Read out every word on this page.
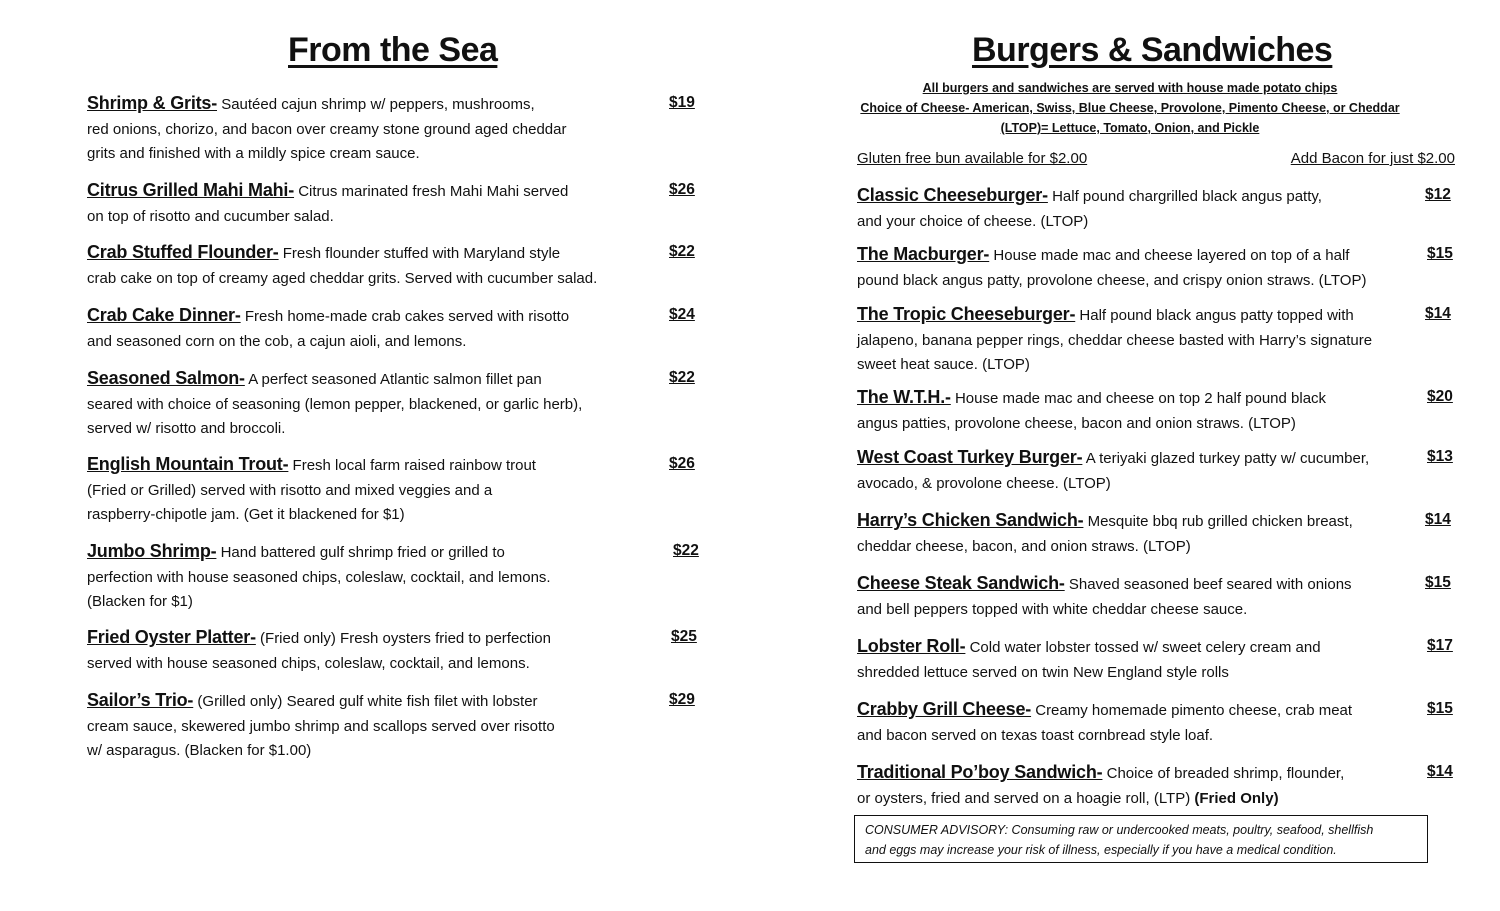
From the Sea
Shrimp & Grits- Sautéed cajun shrimp w/ peppers, mushrooms,
red onions, chorizo, and bacon over creamy stone ground aged cheddar
grits and finished with a mildly spice cream sauce.
$19
Citrus Grilled Mahi Mahi- Citrus marinated fresh Mahi Mahi served
on top of risotto and cucumber salad.
$26
Crab Stuffed Flounder- Fresh flounder stuffed with Maryland style
crab cake on top of creamy aged cheddar grits. Served with cucumber salad.
$22
Crab Cake Dinner- Fresh home-made crab cakes served with risotto
and seasoned corn on the cob, a cajun aioli, and lemons.
$24
Seasoned Salmon- A perfect seasoned Atlantic salmon fillet pan
seared with choice of seasoning (lemon pepper, blackened, or garlic herb),
served w/ risotto and broccoli.
$22
English Mountain Trout- Fresh local farm raised rainbow trout
(Fried or Grilled) served with risotto and mixed veggies and a
raspberry-chipotle jam. (Get it blackened for $1)
$26
Jumbo Shrimp- Hand battered gulf shrimp fried or grilled to
perfection with house seasoned chips, coleslaw, cocktail, and lemons.
(Blacken for $1)
$22
Fried Oyster Platter- (Fried only) Fresh oysters fried to perfection
served with house seasoned chips, coleslaw, cocktail, and lemons.
$25
Sailor’s Trio- (Grilled only) Seared gulf white fish filet with lobster
cream sauce, skewered jumbo shrimp and scallops served over risotto
w/ asparagus. (Blacken for $1.00)
$29
Burgers & Sandwiches
All burgers and sandwiches are served with house made potato chips
Choice of Cheese- American, Swiss, Blue Cheese, Provolone, Pimento Cheese, or Cheddar
(LTOP)= Lettuce, Tomato, Onion, and Pickle
Gluten free bun available for $2.00	Add Bacon for just $2.00
Classic Cheeseburger- Half pound chargrilled black angus patty,
and your choice of cheese. (LTOP)
$12
The Macburger- House made mac and cheese layered on top of a half
pound black angus patty, provolone cheese, and crispy onion straws. (LTOP)
$15
The Tropic Cheeseburger- Half pound black angus patty topped with
jalapeno, banana pepper rings, cheddar cheese basted with Harry’s signature
sweet heat sauce. (LTOP)
$14
The W.T.H.- House made mac and cheese on top 2 half pound black
angus patties, provolone cheese, bacon and onion straws. (LTOP)
$20
West Coast Turkey Burger- A teriyaki glazed turkey patty w/ cucumber,
avocado, & provolone cheese. (LTOP)
$13
Harry’s Chicken Sandwich- Mesquite bbq rub grilled chicken breast,
cheddar cheese, bacon, and onion straws. (LTOP)
$14
Cheese Steak Sandwich- Shaved seasoned beef seared with onions
and bell peppers topped with white cheddar cheese sauce.
$15
Lobster Roll- Cold water lobster tossed w/ sweet celery cream and
shredded lettuce served on twin New England style rolls
$17
Crabby Grill Cheese- Creamy homemade pimento cheese, crab meat
and bacon served on texas toast cornbread style loaf.
$15
Traditional Po’boy Sandwich- Choice of breaded shrimp, flounder,
or oysters, fried and served on a hoagie roll, (LTP) (Fried Only)
$14
CONSUMER ADVISORY: Consuming raw or undercooked meats, poultry, seafood, shellfish
and eggs may increase your risk of illness, especially if you have a medical condition.
